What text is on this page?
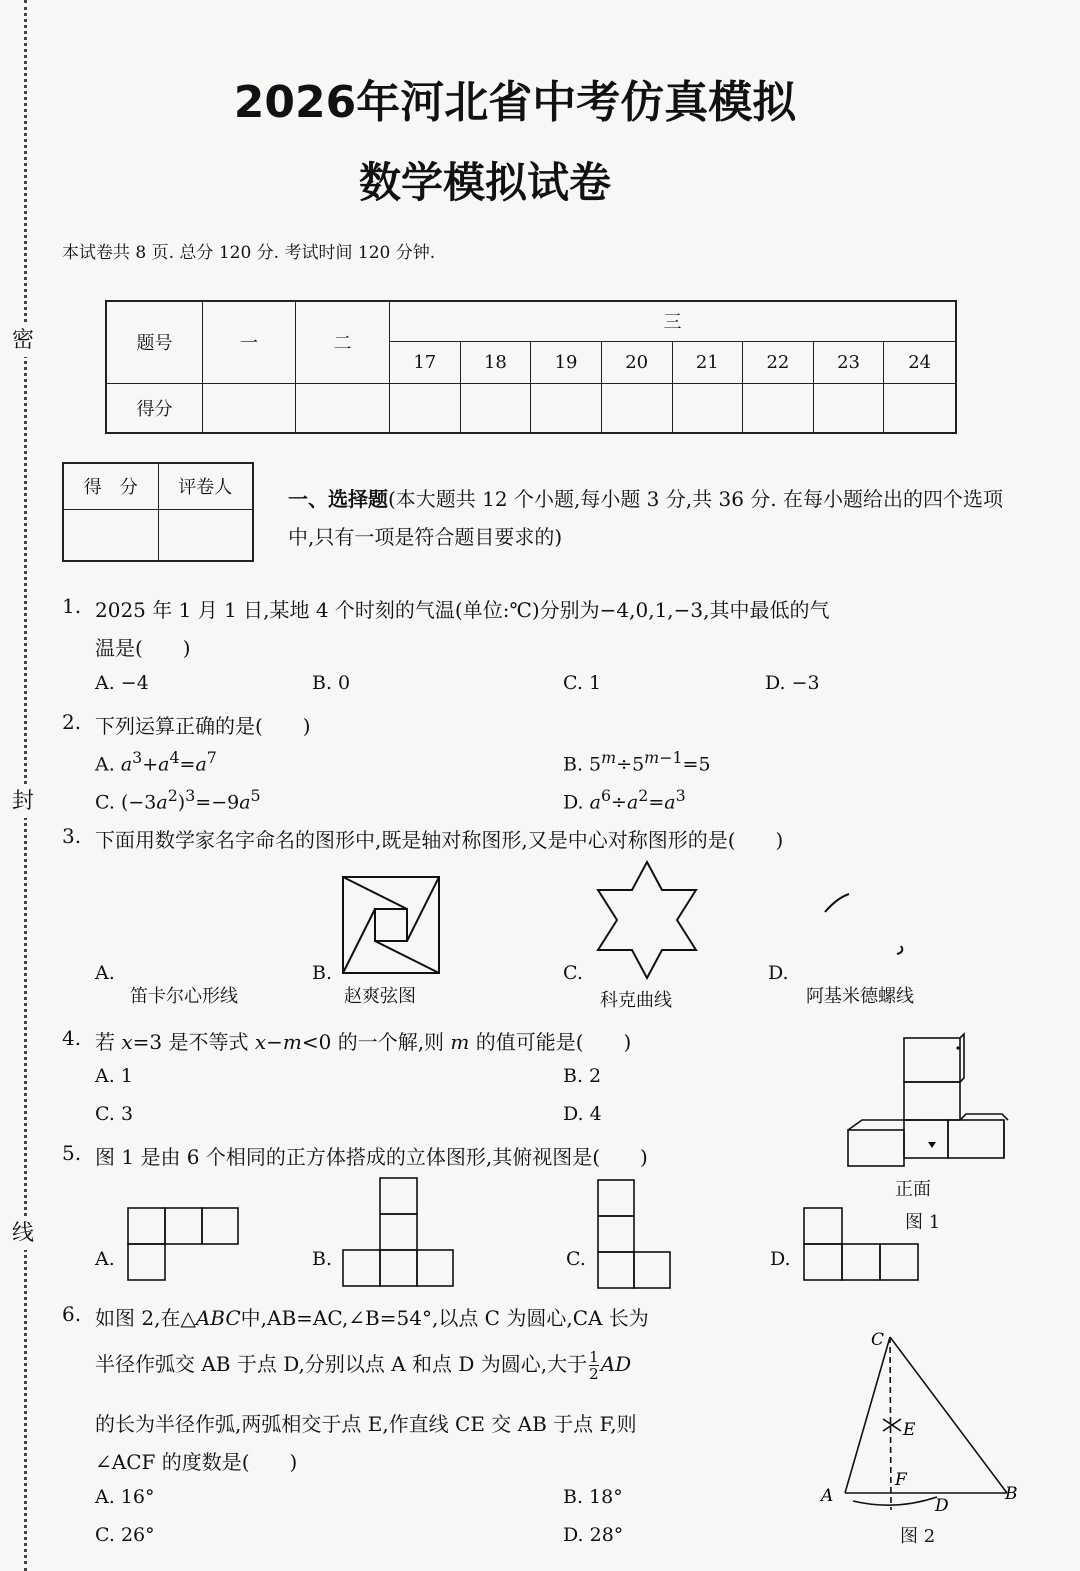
密
封
线
2026年河北省中考仿真模拟
数学模拟试卷
本试卷共 8 页. 总分 120 分. 考试时间 120 分钟.
题号	一	二	三							
			17	18	19	20	21	22	23	24
得分										
得　分	评卷人
		一、选择题(本大题共 12 个小题,每小题 3 分,共 36 分. 在每小题给出的四个选项中,只有一项是符合题目要求的)
1. 2025 年 1 月 1 日,某地 4 个时刻的气温(单位:℃)分别为−4,0,1,−3,其中最低的气
温是(　　)
A. −4	B. 0	C. 1	D. −3
2. 下列运算正确的是(　　)
A. $a^3+a^4=a^7$	B. $5^m\div 5^{m-1}=5$
C. $(-3a^2)^3=-9a^5$	D. $a^6\div a^2=a^3$
3. 下面用数学家名字命名的图形中,既是轴对称图形,又是中心对称图形的是(　　)
A.
笛卡尔心形线
B.
赵爽弦图
C.
科克曲线
D.
阿基米德螺线
4. 若 x=3 是不等式 x−m<0 的一个解,则 m 的值可能是(　　)
A. 1	B. 2
C. 3	D. 4
正面
图 1
5. 图 1 是由 6 个相同的正方体搭成的立体图形,其俯视图是(　　)
A.	B.	C.	D.
6. 如图 2,在△ABC中,AB=AC,∠B=54°,以点 C 为圆心,CA 长为
半径作弧交 AB 于点 D,分别以点 A 和点 D 为圆心,大于 $\frac{1}{2}$ AD
的长为半径作弧,两弧相交于点 E,作直线 CE 交 AB 于点 F,则
∠ACF 的度数是(　　)
A. 16°	B. 18°
C. 26°	D. 28°
C
E
F
A	D
B
图 2
